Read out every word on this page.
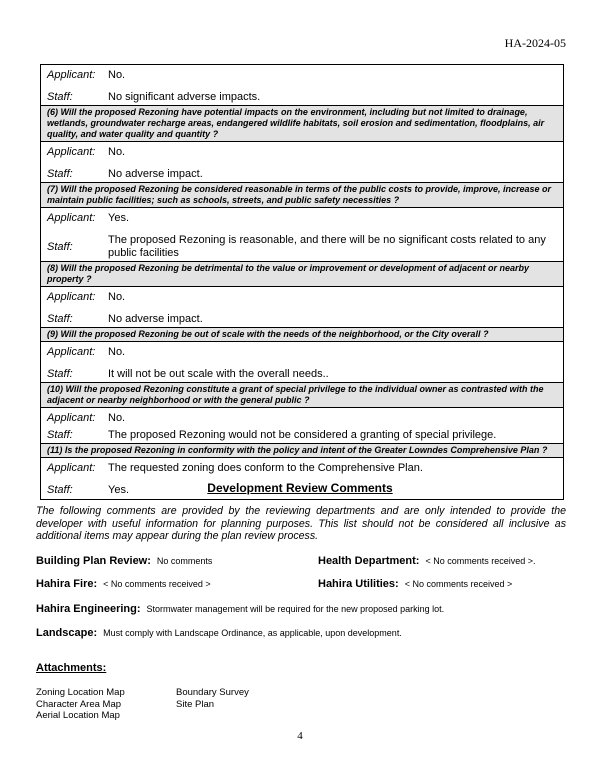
HA-2024-05
Applicant:	No.
Staff:	No significant adverse impacts.
(6) Will the proposed Rezoning have potential impacts on the environment, including but not limited to drainage, wetlands, groundwater recharge areas, endangered wildlife habitats, soil erosion and sedimentation, floodplains, air quality, and water quality and quantity ?
Applicant:	No.
Staff:	No adverse impact.
(7) Will the proposed Rezoning be considered reasonable in terms of the public costs to provide, improve, increase or maintain public facilities; such as schools, streets, and public safety necessities ?
Applicant:	Yes.
Staff:
The proposed Rezoning is reasonable, and there will be no significant costs related to any public facilities
(8) Will the proposed Rezoning be detrimental to the value or improvement or development of adjacent or nearby property ?
Applicant:	No.
Staff:	No adverse impact.
(9) Will the proposed Rezoning be out of scale with the needs of the neighborhood, or the City overall ?
Applicant:	No.
Staff:	It will not be out scale with the overall needs..
(10) Will the proposed Rezoning constitute a grant of special privilege to the individual owner as contrasted with the adjacent or nearby neighborhood or with the general public ?
Applicant:	No.
Staff:	The proposed Rezoning would not be considered a granting of special privilege.
(11) Is the proposed Rezoning in conformity with the policy and intent of the Greater Lowndes Comprehensive Plan ?
Applicant:	The requested zoning does conform to the Comprehensive Plan.
Staff:	Yes.	Development Review Comments
The following comments are provided by the reviewing departments and are only intended to provide the developer with useful information for planning purposes. This list should not be considered all inclusive as additional items may appear during the plan review process.
Building Plan Review: No comments	Health Department: < No comments received >.
Hahira Fire: < No comments received >	Hahira Utilities: < No comments received >
Hahira Engineering: Stormwater management will be required for the new proposed parking lot.
Landscape: Must comply with Landscape Ordinance, as applicable, upon development.
Attachments:
Zoning Location Map
Character Area Map
Aerial Location Map
Boundary Survey
Site Plan
4
